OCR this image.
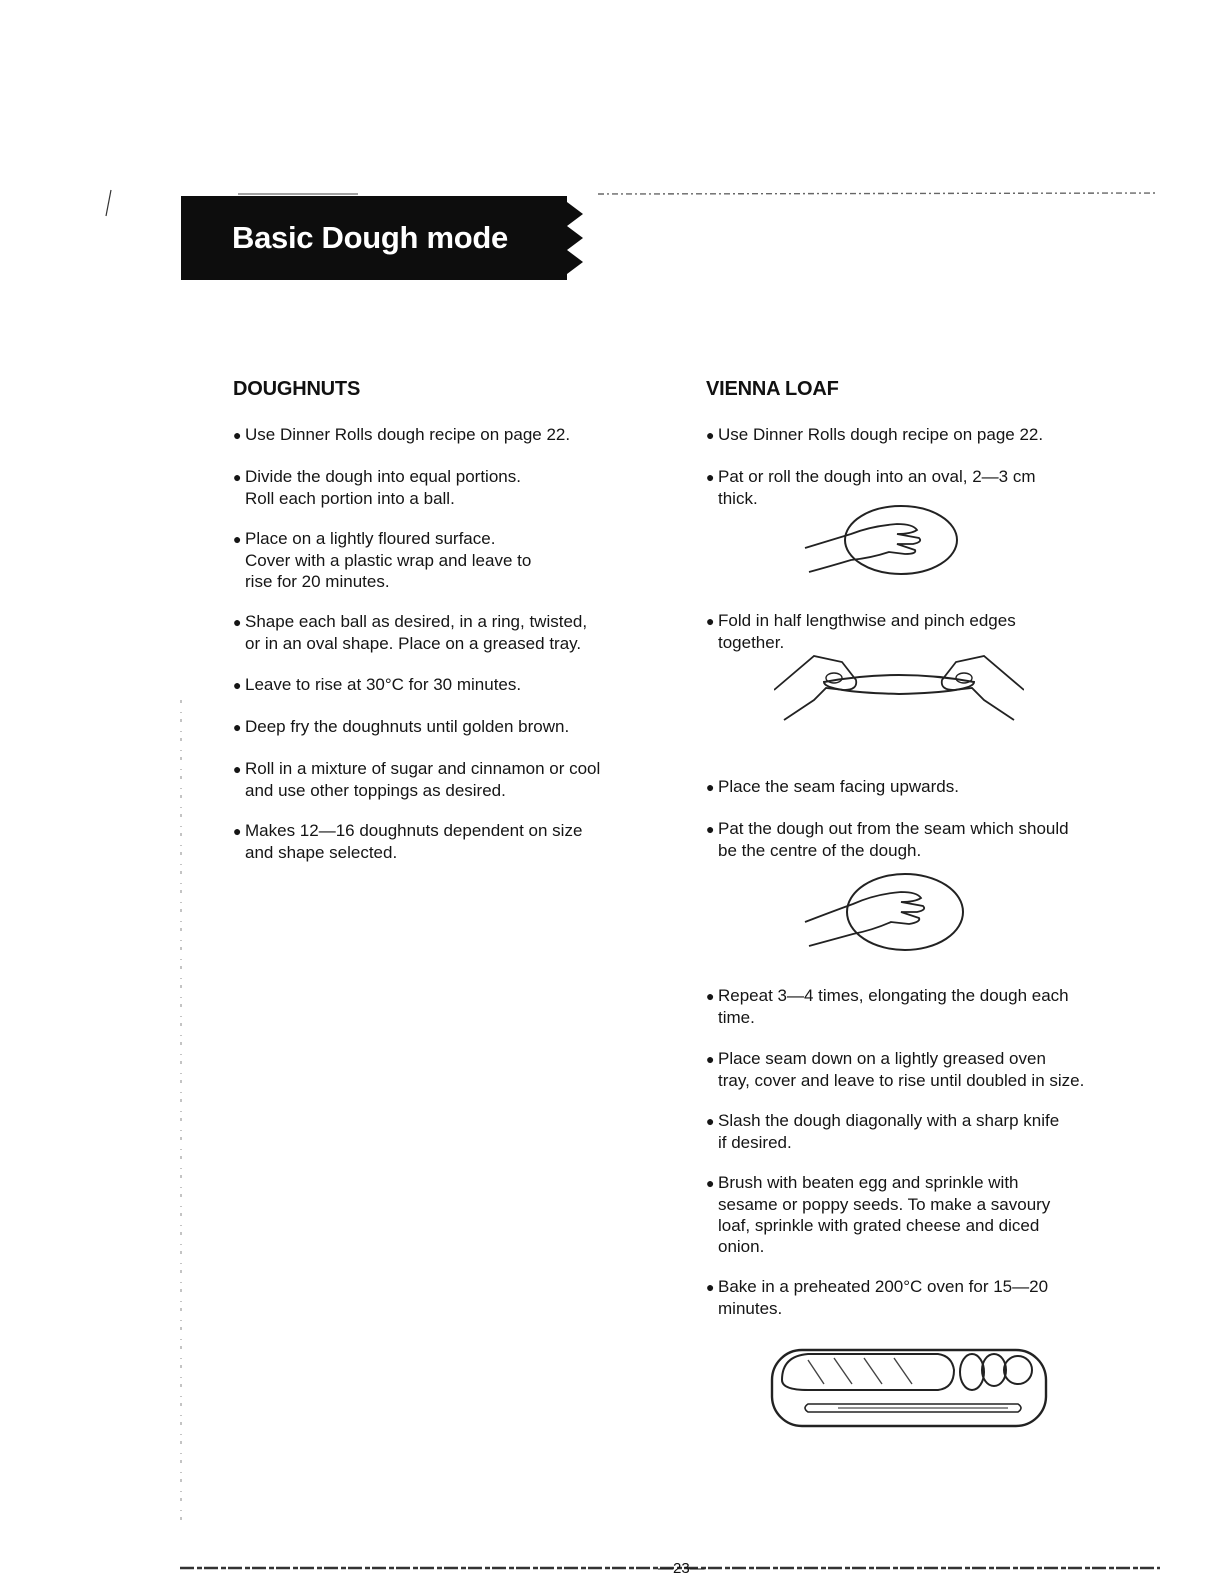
Basic Dough mode
DOUGHNUTS
● Use Dinner Rolls dough recipe on page 22.
● Divide the dough into equal portions.
Roll each portion into a ball.
● Place on a lightly floured surface.
Cover with a plastic wrap and leave to
rise for 20 minutes.
● Shape each ball as desired, in a ring, twisted,
or in an oval shape. Place on a greased tray.
● Leave to rise at 30°C for 30 minutes.
● Deep fry the doughnuts until golden brown.
● Roll in a mixture of sugar and cinnamon or cool
and use other toppings as desired.
● Makes 12—16 doughnuts dependent on size
and shape selected.
VIENNA LOAF
● Use Dinner Rolls dough recipe on page 22.
● Pat or roll the dough into an oval, 2—3 cm
thick.
● Fold in half lengthwise and pinch edges
together.
● Place the seam facing upwards.
● Pat the dough out from the seam which should
be the centre of the dough.
● Repeat 3—4 times, elongating the dough each
time.
● Place seam down on a lightly greased oven
tray, cover and leave to rise until doubled in size.
● Slash the dough diagonally with a sharp knife
if desired.
● Brush with beaten egg and sprinkle with
sesame or poppy seeds. To make a savoury
loaf, sprinkle with grated cheese and diced
onion.
● Bake in a preheated 200°C oven for 15—20
minutes.
—23—
